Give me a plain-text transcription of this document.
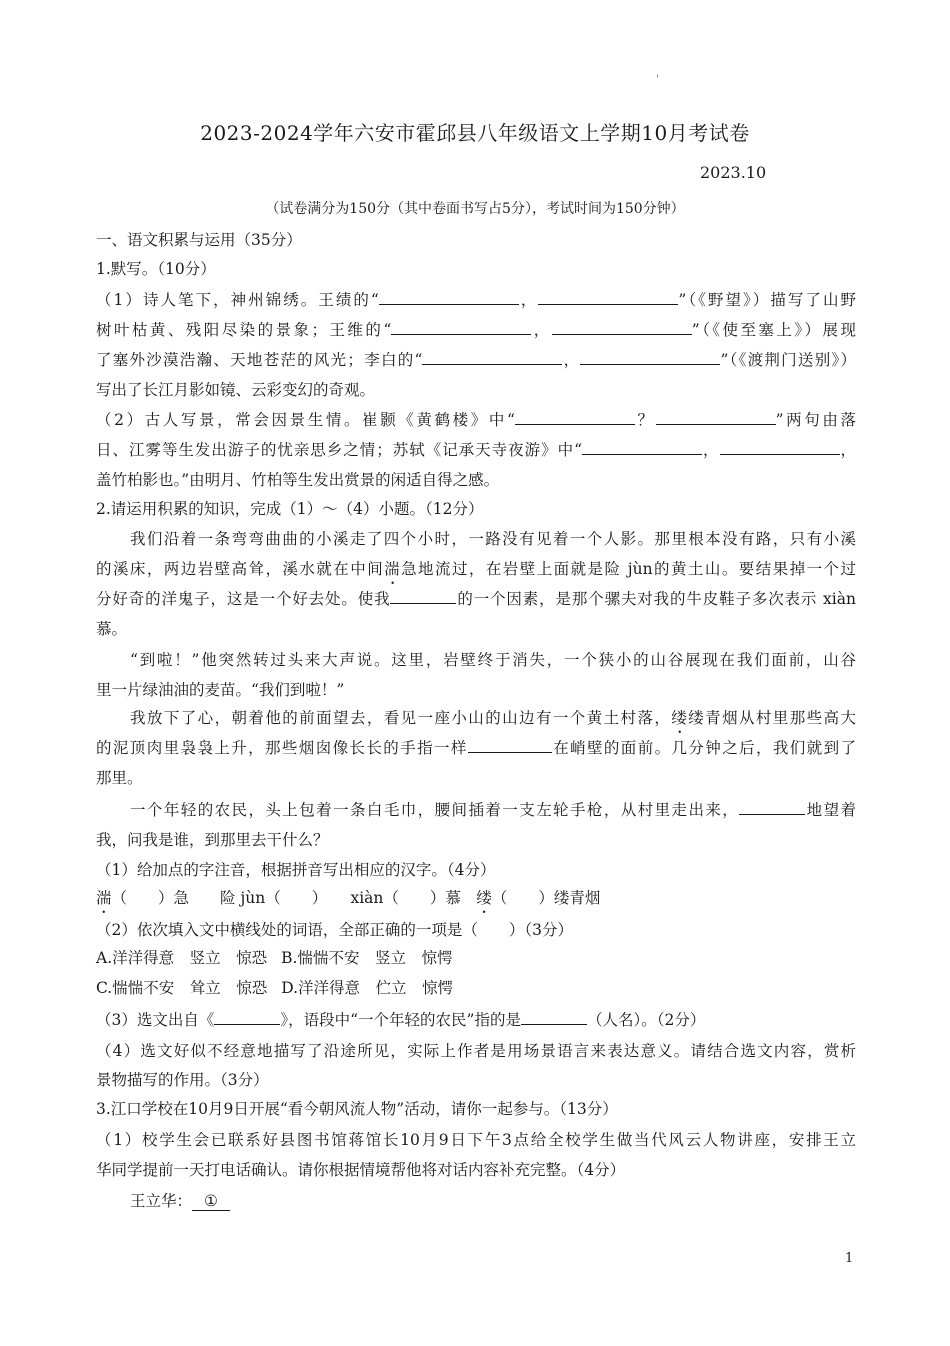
'
2023-2024学年六安市霍邱县八年级语文上学期10月考试卷
2023.10
（试卷满分为150分（其中卷面书写占5分），考试时间为150分钟）
一、语文积累与运用（35分）
1.默写。（10分）
（1）诗人笔下，神州锦绣。王绩的“	，	”（《野望》）描写了山野
树叶枯黄、残阳尽染的景象；王维的“	，	”（《使至塞上》）展现
了塞外沙漠浩瀚、天地苍茫的风光；李白的“	，	”（《渡荆门送别》）
写出了长江月影如镜、云彩变幻的奇观。
（2）古人写景，常会因景生情。崔颢《黄鹤楼》中“	？	”两句由落
日、江雾等生发出游子的忧亲思乡之情；苏轼《记承天寺夜游》中“	，	，
盖竹柏影也。”由明月、竹柏等生发出赏景的闲适自得之感。
2.请运用积累的知识，完成（1）～（4）小题。（12分）
我们沿着一条弯弯曲曲的小溪走了四个小时，一路没有见着一个人影。那里根本没有路，只有小溪
的溪床，两边岩壁高耸，溪水就在中间湍急地流过，在岩壁上面就是险 jùn的黄土山。要结果掉一个过
分好奇的洋鬼子，这是一个好去处。使我	的一个因素，是那个骡夫对我的牛皮鞋子多次表示 xiàn
慕。
“到啦！”他突然转过头来大声说。这里，岩壁终于消失，一个狭小的山谷展现在我们面前，山谷
里一片绿油油的麦苗。“我们到啦！”
我放下了心，朝着他的前面望去，看见一座小山的山边有一个黄土村落，缕缕青烟从村里那些高大
的泥顶肉里袅袅上升，那些烟囱像长长的手指一样	在峭壁的面前。几分钟之后，我们就到了
那里。
一个年轻的农民，头上包着一条白毛巾，腰间插着一支左轮手枪，从村里走出来，	地望着
我，问我是谁，到那里去干什么？
（1）给加点的字注音，根据拼音写出相应的汉字。（4分）
湍（　　）急　　险 jùn（　　）　　xiàn（　　）慕　缕（　　）缕青烟
（2）依次填入文中横线处的词语，全部正确的一项是（　　）（3分）
A.洋洋得意　竖立　惊恐 B.惴惴不安　竖立　惊愕
C.惴惴不安　耸立　惊恐 D.洋洋得意　伫立　惊愕
（3）选文出自《	》，语段中“一个年轻的农民”指的是	（人名）。（2分）
（4）选文好似不经意地描写了沿途所见，实际上作者是用场景语言来表达意义。请结合选文内容，赏析
景物描写的作用。（3分）
3.江口学校在10月9日开展“看今朝风流人物”活动，请你一起参与。（13分）
（1）校学生会已联系好县图书馆蒋馆长10月9日下午3点给全校学生做当代风云人物讲座，安排王立
华同学提前一天打电话确认。请你根据情境帮他将对话内容补充完整。（4分）
王立华： ①
1
